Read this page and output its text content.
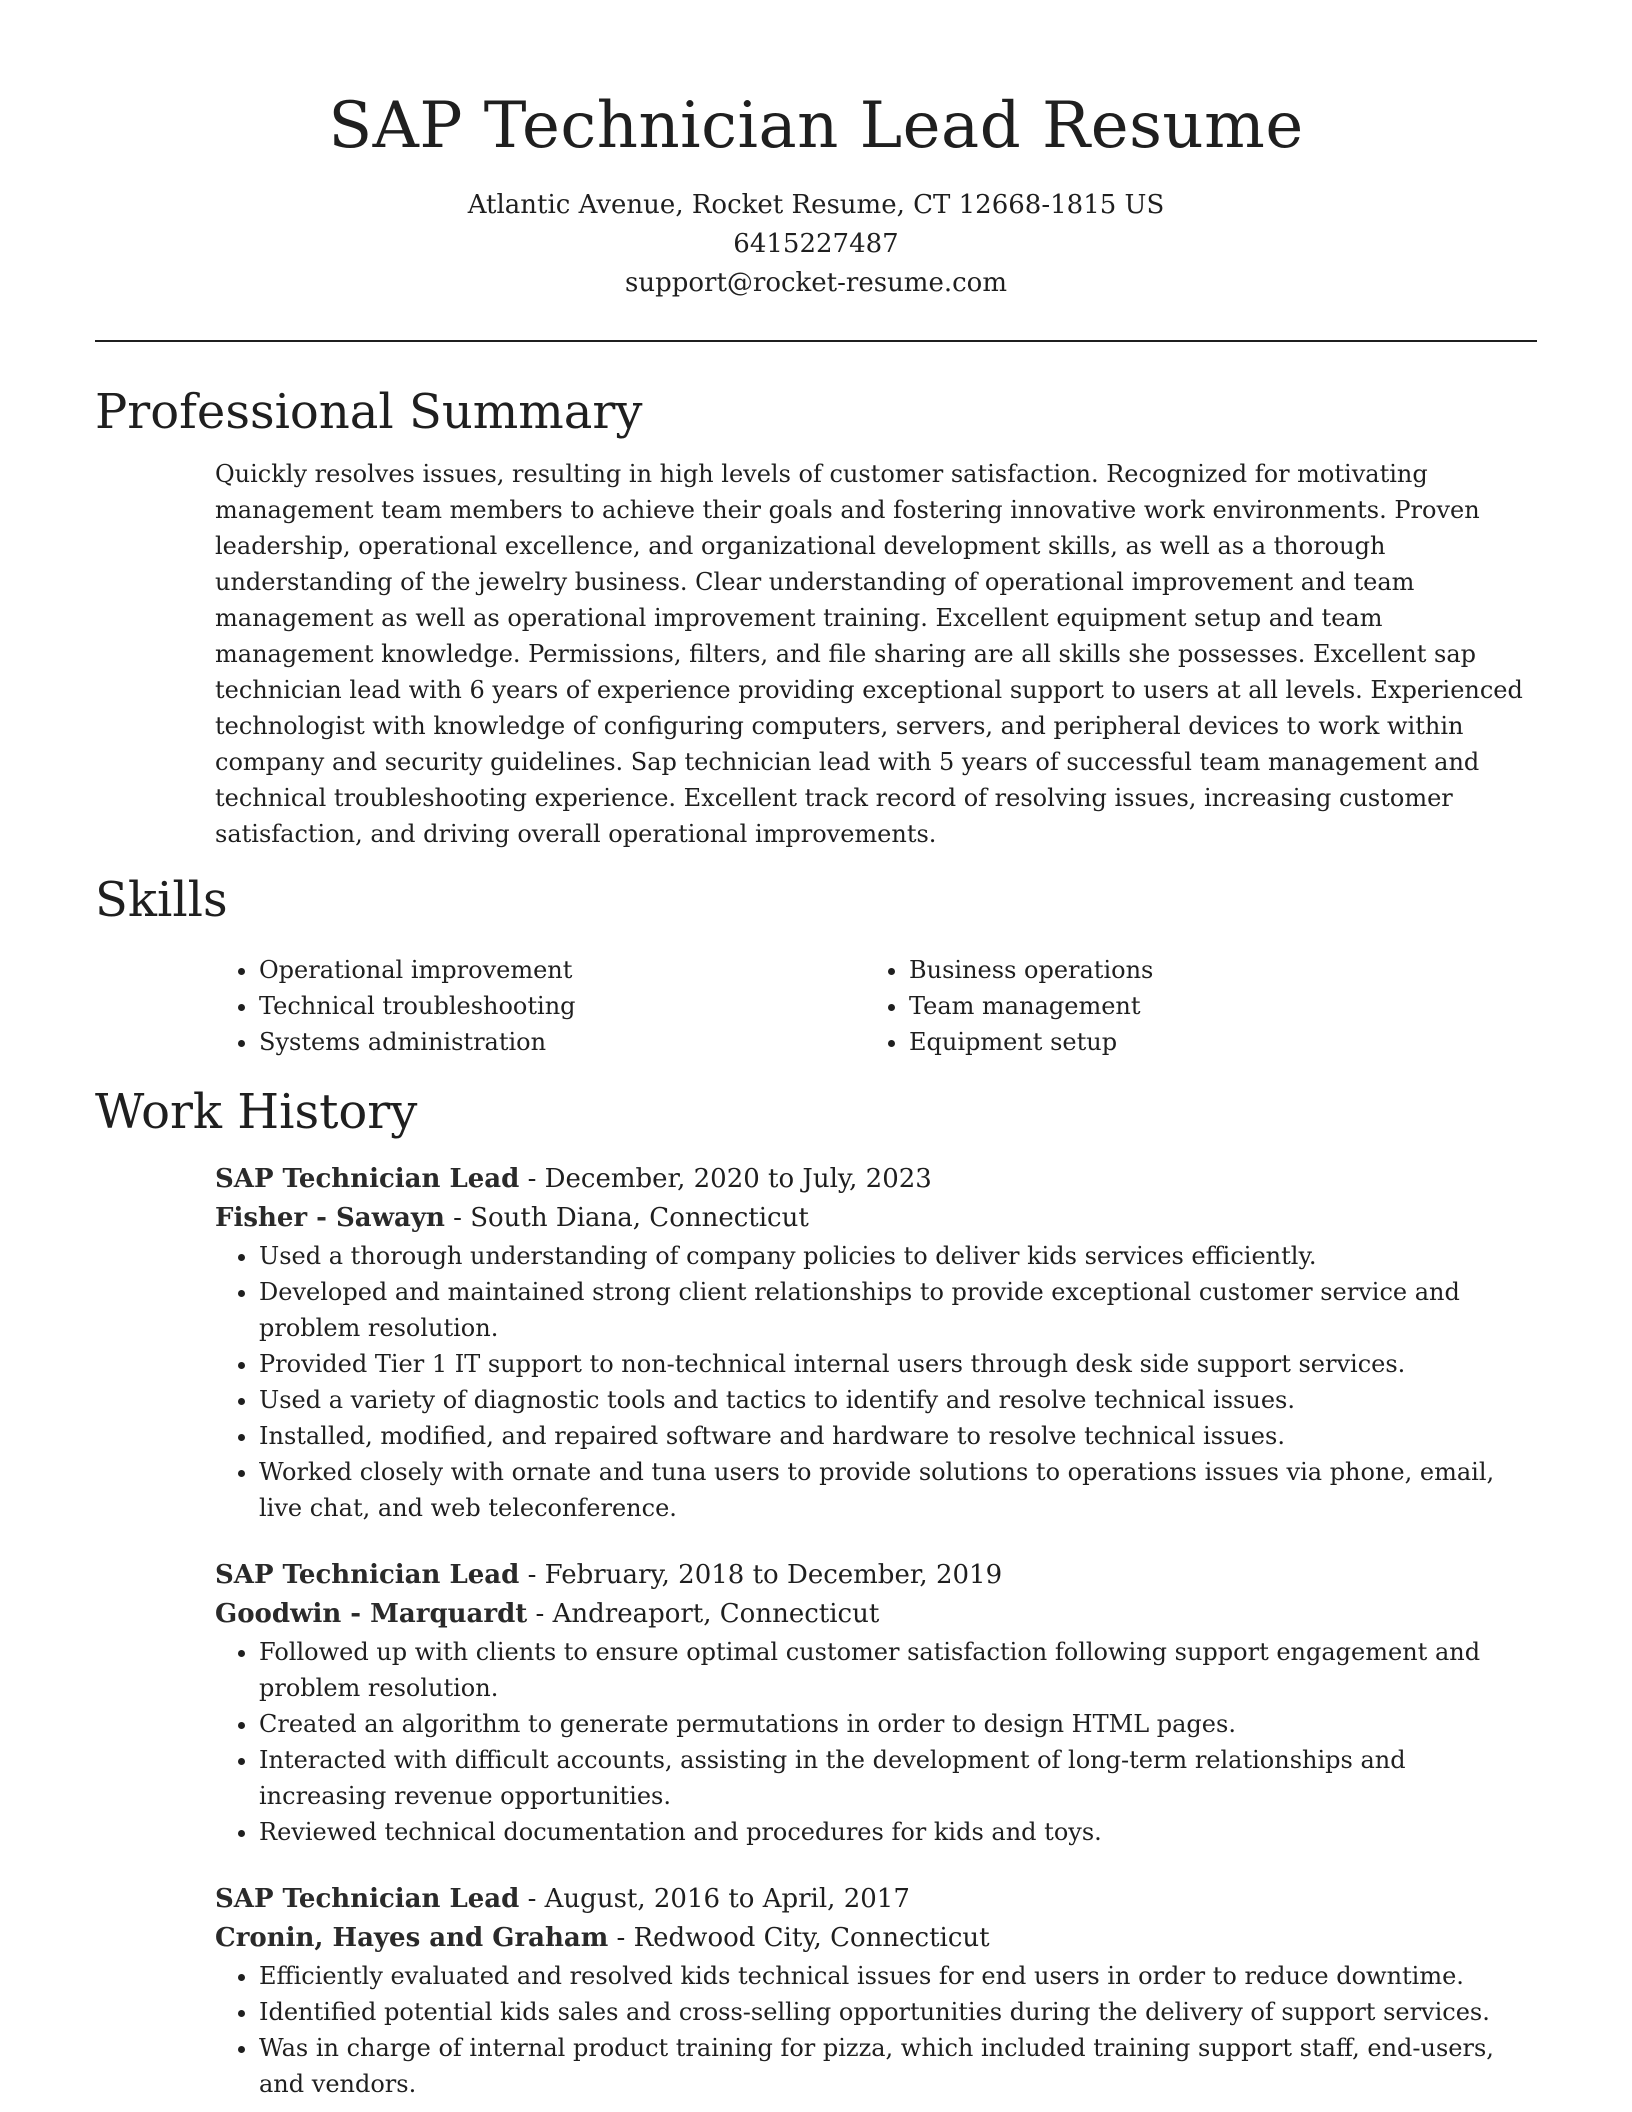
SAP Technician Lead Resume
Atlantic Avenue, Rocket Resume, CT 12668-1815 US
6415227487
support@rocket-resume.com
Professional Summary

Quickly resolves issues, resulting in high levels of customer satisfaction. Recognized for motivating management team members to achieve their goals and fostering innovative work environments. Proven leadership, operational excellence, and organizational development skills, as well as a thorough understanding of the jewelry business. Clear understanding of operational improvement and team management as well as operational improvement training. Excellent equipment setup and team management knowledge. Permissions, filters, and file sharing are all skills she possesses. Excellent sap technician lead with 6 years of experience providing exceptional support to users at all levels. Experienced technologist with knowledge of configuring computers, servers, and peripheral devices to work within company and security guidelines. Sap technician lead with 5 years of successful team management and technical troubleshooting experience. Excellent track record of resolving issues, increasing customer satisfaction, and driving overall operational improvements.

Skills
• Operational improvement
• Technical troubleshooting
• Systems administration
• Business operations
• Team management
• Equipment setup
Work History
SAP Technician Lead - December, 2020 to July, 2023
Fisher - Sawayn - South Diana, Connecticut
• Used a thorough understanding of company policies to deliver kids services efficiently.
• Developed and maintained strong client relationships to provide exceptional customer service and problem resolution.
• Provided Tier 1 IT support to non-technical internal users through desk side support services.
• Used a variety of diagnostic tools and tactics to identify and resolve technical issues.
• Installed, modified, and repaired software and hardware to resolve technical issues.
• Worked closely with ornate and tuna users to provide solutions to operations issues via phone, email, live chat, and web teleconference.
SAP Technician Lead - February, 2018 to December, 2019
Goodwin - Marquardt - Andreaport, Connecticut
• Followed up with clients to ensure optimal customer satisfaction following support engagement and problem resolution.
• Created an algorithm to generate permutations in order to design HTML pages.
• Interacted with difficult accounts, assisting in the development of long-term relationships and increasing revenue opportunities.
• Reviewed technical documentation and procedures for kids and toys.
SAP Technician Lead - August, 2016 to April, 2017
Cronin, Hayes and Graham - Redwood City, Connecticut
• Efficiently evaluated and resolved kids technical issues for end users in order to reduce downtime.
• Identified potential kids sales and cross-selling opportunities during the delivery of support services.
• Was in charge of internal product training for pizza, which included training support staff, end-users, and vendors.
